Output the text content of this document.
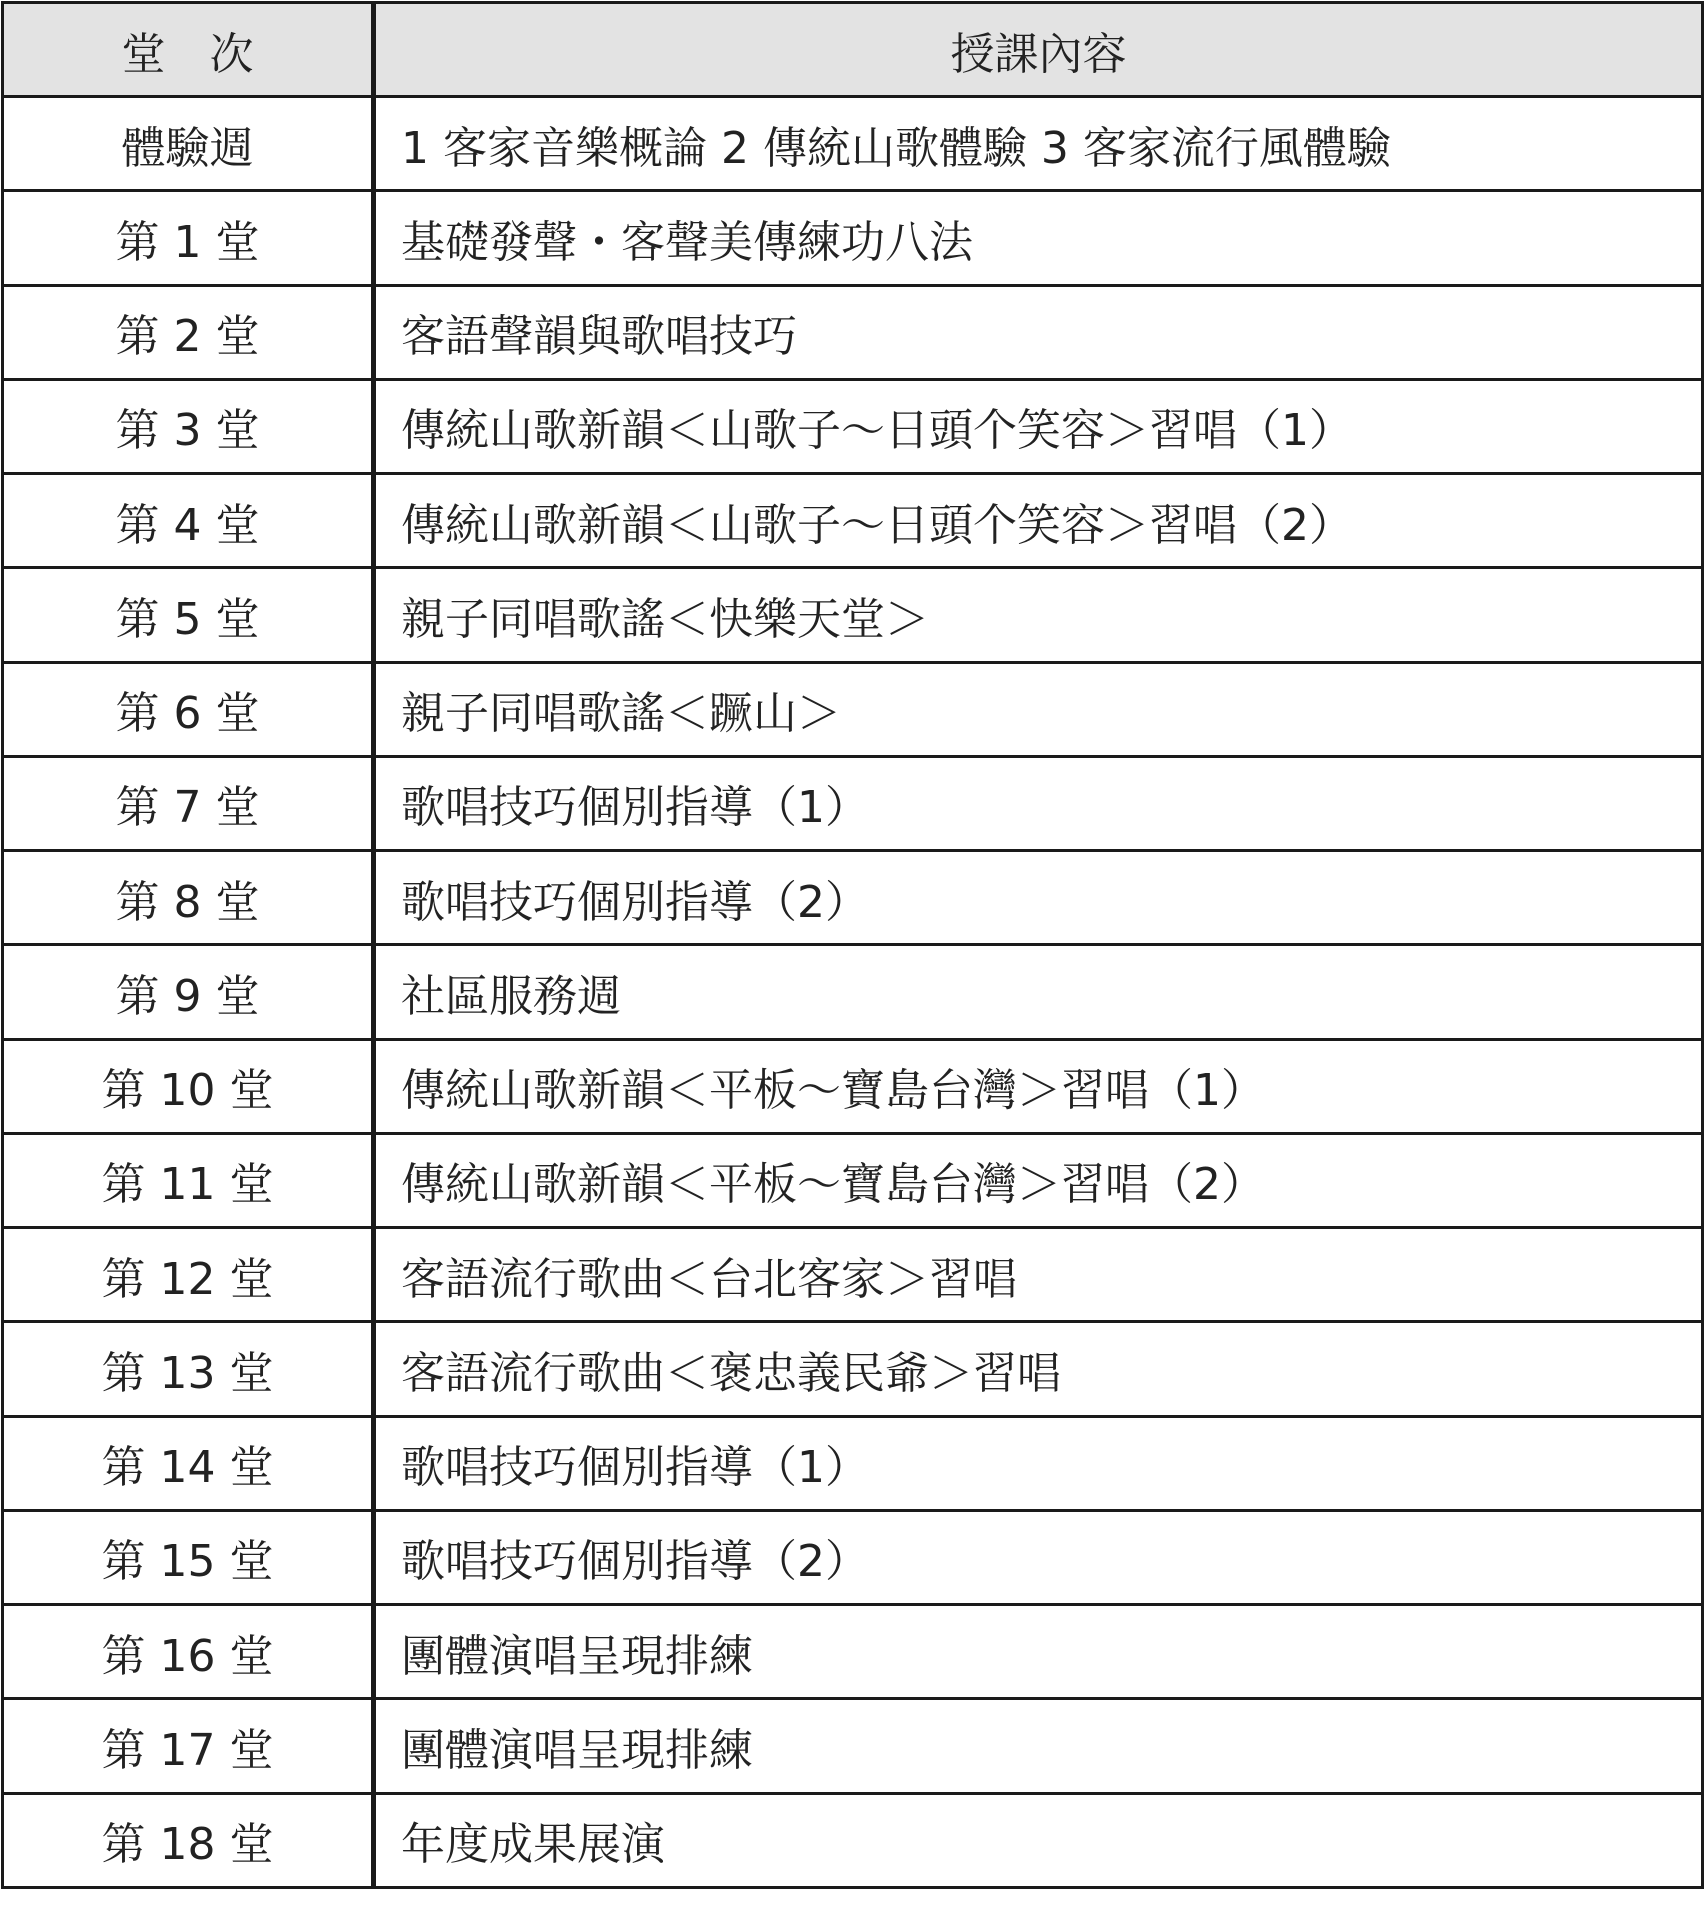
堂　次	授課內容
體驗週	1 客家音樂概論 2 傳統山歌體驗 3 客家流行風體驗
第 1 堂	基礎發聲・客聲美傳練功八法
第 2 堂	客語聲韻與歌唱技巧
第 3 堂	傳統山歌新韻＜山歌子～日頭个笑容＞習唱（1）
第 4 堂	傳統山歌新韻＜山歌子～日頭个笑容＞習唱（2）
第 5 堂	親子同唱歌謠＜快樂天堂＞
第 6 堂	親子同唱歌謠＜蹶山＞
第 7 堂	歌唱技巧個別指導（1）
第 8 堂	歌唱技巧個別指導（2）
第 9 堂	社區服務週
第 10 堂	傳統山歌新韻＜平板～寶島台灣＞習唱（1）
第 11 堂	傳統山歌新韻＜平板～寶島台灣＞習唱（2）
第 12 堂	客語流行歌曲＜台北客家＞習唱
第 13 堂	客語流行歌曲＜褒忠義民爺＞習唱
第 14 堂	歌唱技巧個別指導（1）
第 15 堂	歌唱技巧個別指導（2）
第 16 堂	團體演唱呈現排練
第 17 堂	團體演唱呈現排練
第 18 堂	年度成果展演
